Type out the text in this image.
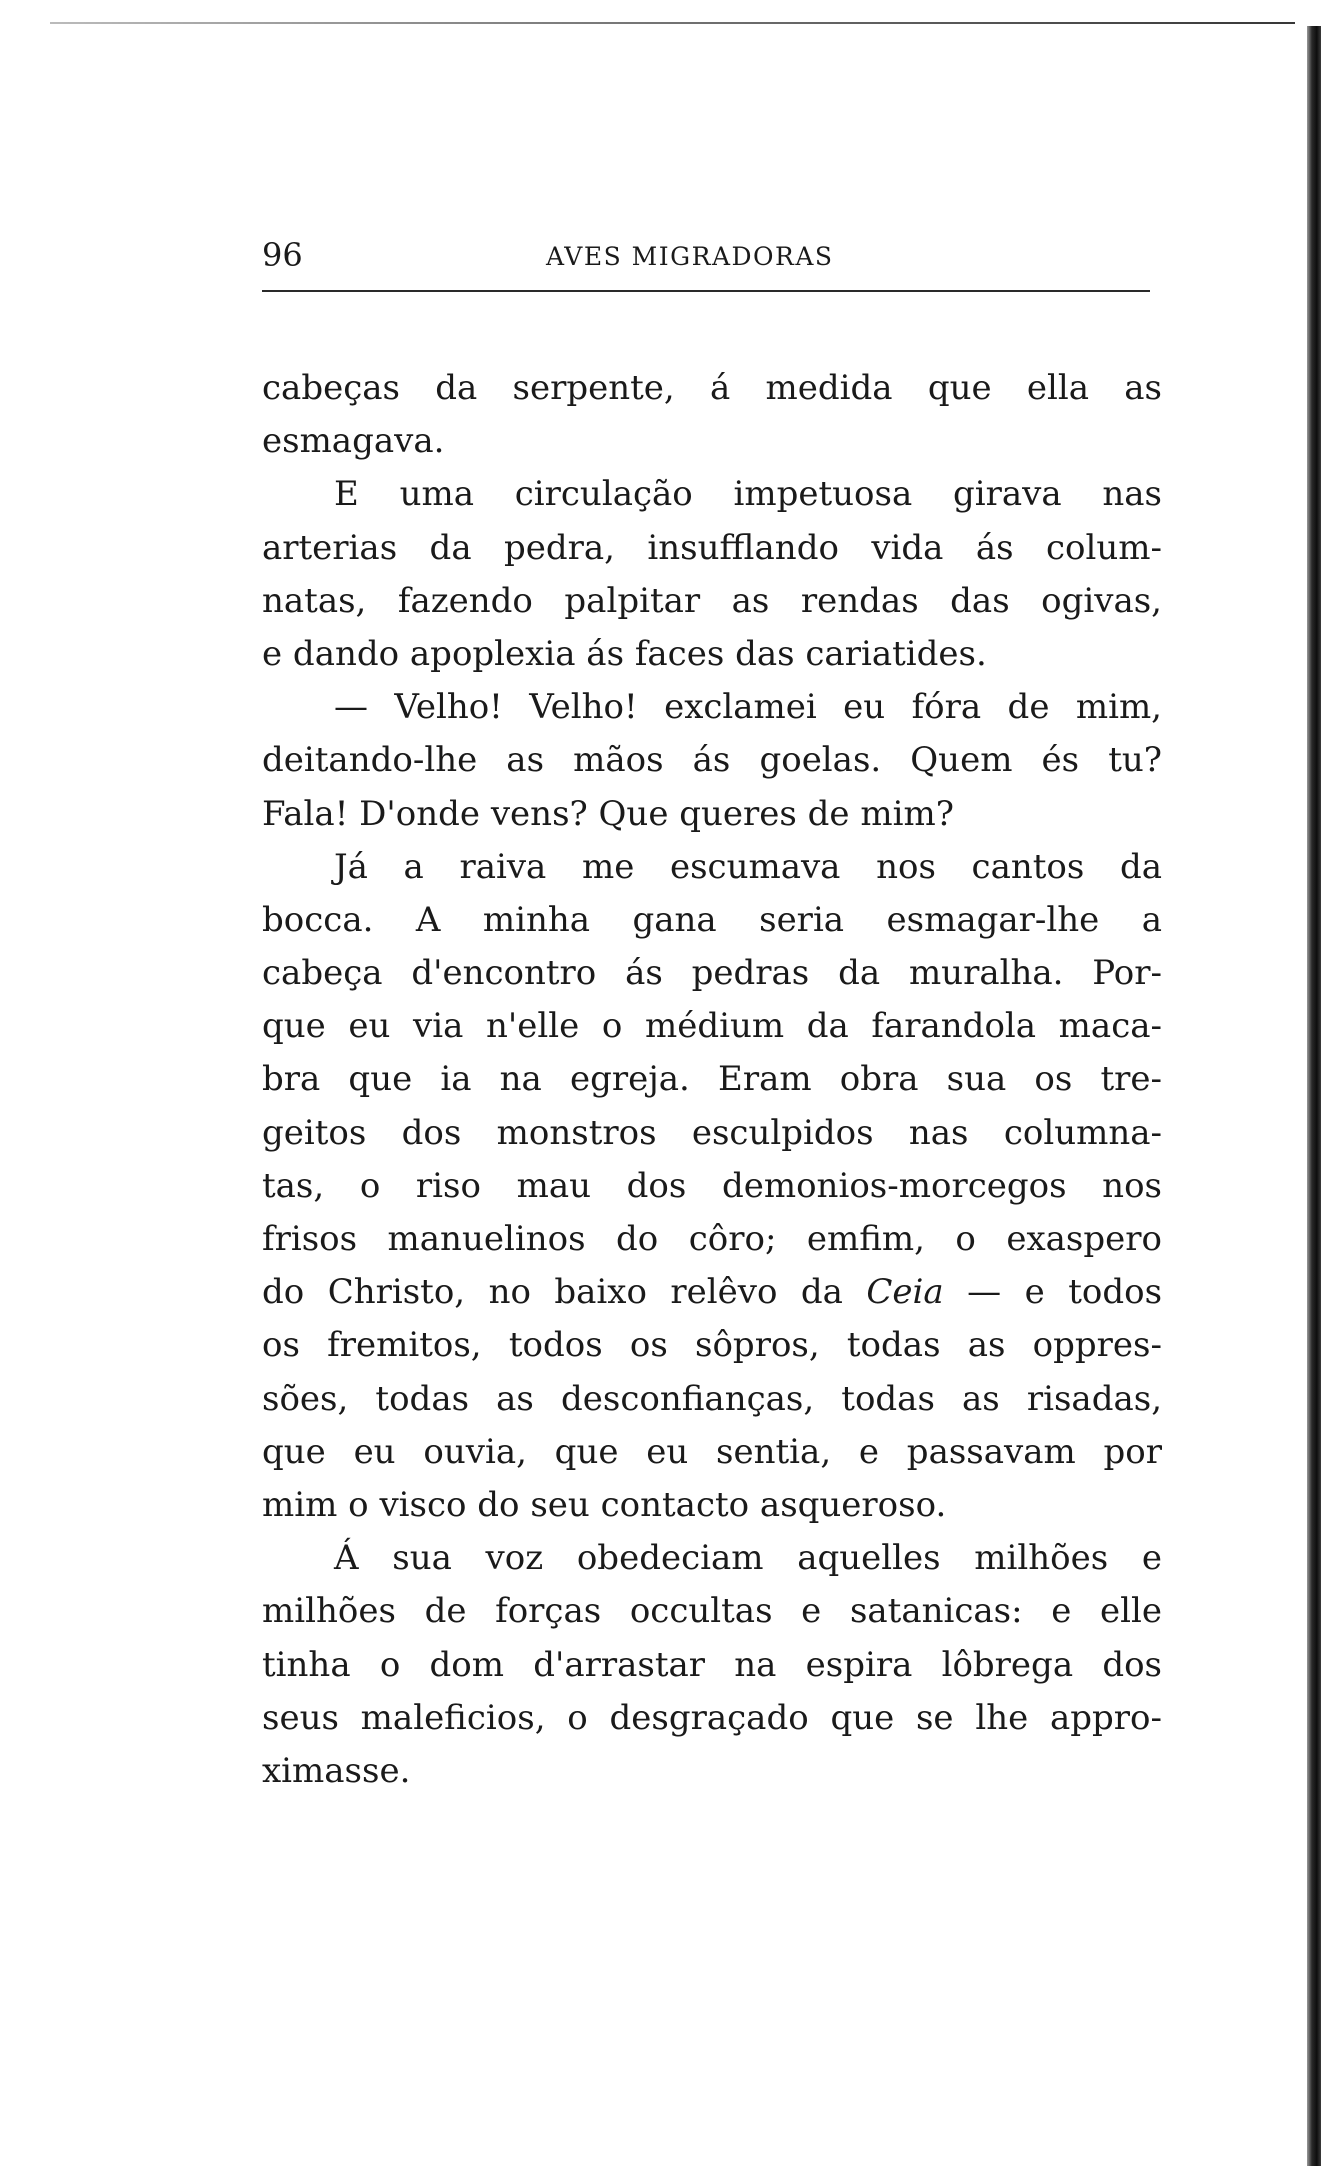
96	AVES MIGRADORAS
cabeças da serpente, á medida que ella as
esmagava.
E uma circulação impetuosa girava nas
arterias da pedra, insufflando vida ás colum-
natas, fazendo palpitar as rendas das ogivas,
e dando apoplexia ás faces das cariatides.
— Velho! Velho! exclamei eu fóra de mim,
deitando-lhe as mãos ás goelas. Quem és tu?
Fala! D'onde vens? Que queres de mim?
Já a raiva me escumava nos cantos da
bocca. A minha gana seria esmagar-lhe a
cabeça d'encontro ás pedras da muralha. Por-
que eu via n'elle o médium da farandola maca-
bra que ia na egreja. Eram obra sua os tre-
geitos dos monstros esculpidos nas columna-
tas, o riso mau dos demonios-morcegos nos
frisos manuelinos do côro; emfim, o exaspero
do Christo, no baixo relêvo da Ceia — e todos
os fremitos, todos os sôpros, todas as oppres-
sões, todas as desconfianças, todas as risadas,
que eu ouvia, que eu sentia, e passavam por
mim o visco do seu contacto asqueroso.
Á sua voz obedeciam aquelles milhões e
milhões de forças occultas e satanicas: e elle
tinha o dom d'arrastar na espira lôbrega dos
seus maleficios, o desgraçado que se lhe appro-
ximasse.
